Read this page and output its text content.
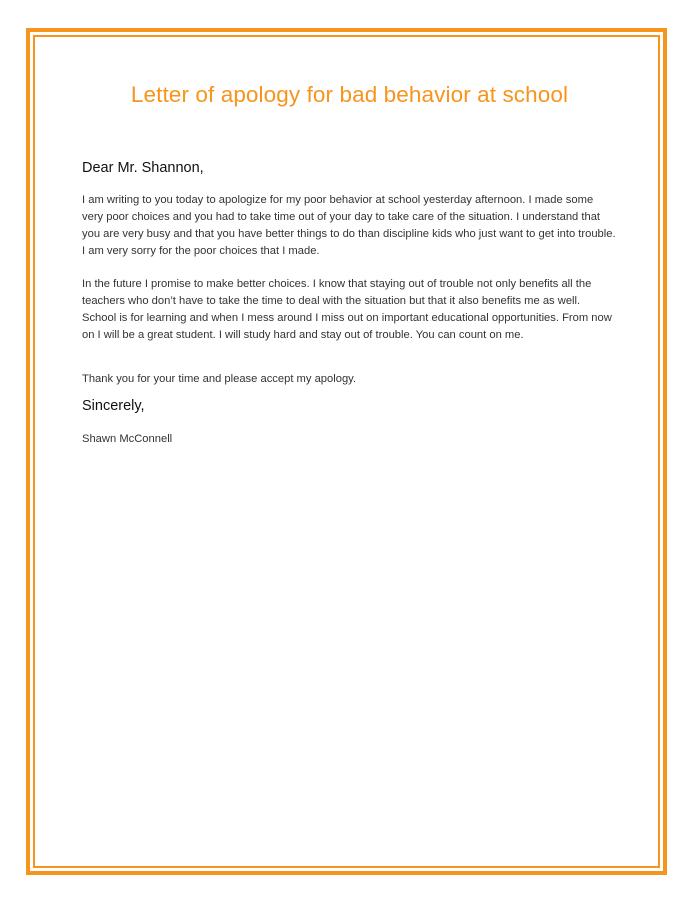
Letter of apology for bad behavior at school

Dear Mr. Shannon,

I am writing to you today to apologize for my poor behavior at school yesterday afternoon. I made some very poor choices and you had to take time out of your day to take care of the situation. I understand that you are very busy and that you have better things to do than discipline kids who just want to get into trouble. I am very sorry for the poor choices that I made.

In the future I promise to make better choices. I know that staying out of trouble not only benefits all the teachers who don’t have to take the time to deal with the situation but that it also benefits me as well. School is for learning and when I mess around I miss out on important educational opportunities. From now on I will be a great student. I will study hard and stay out of trouble. You can count on me.

Thank you for your time and please accept my apology.

Sincerely,

Shawn McConnell
